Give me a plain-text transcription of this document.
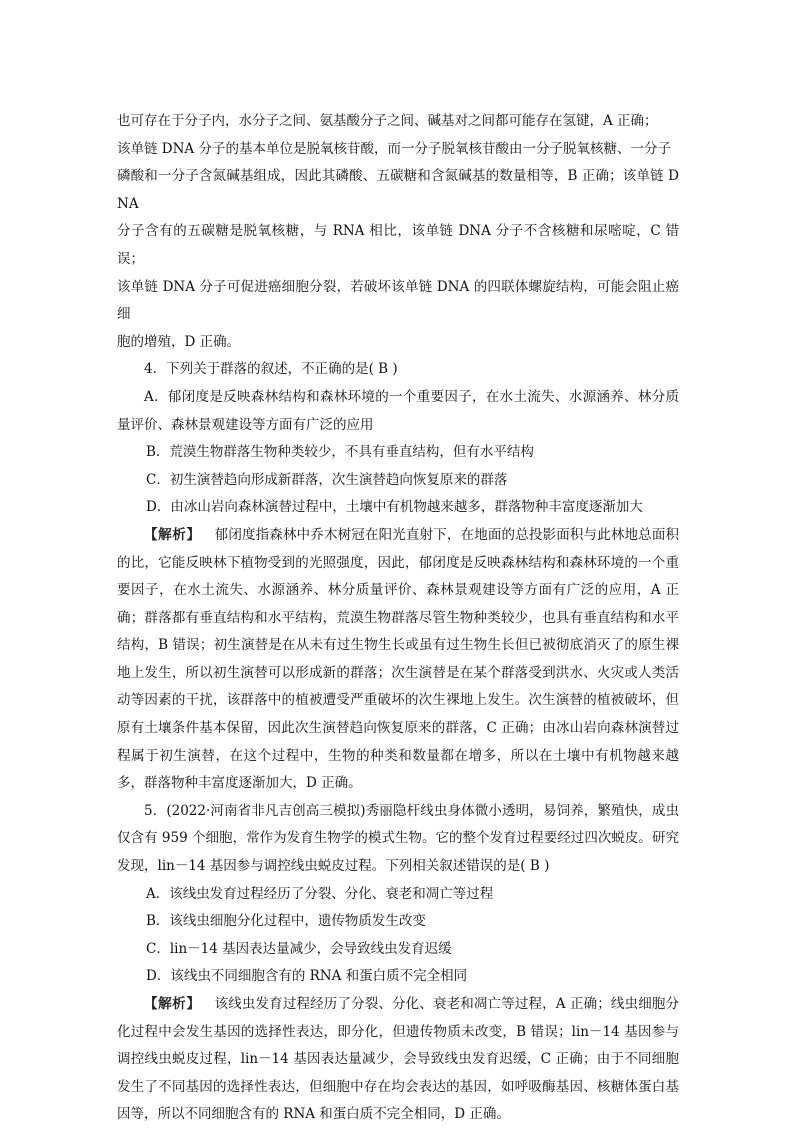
也可存在于分子内，水分子之间、氨基酸分子之间、碱基对之间都可能存在氢键，A 正确；

该单链 DNA 分子的基本单位是脱氧核苷酸，而一分子脱氧核苷酸由一分子脱氧核糖、一分子

磷酸和一分子含氮碱基组成，因此其磷酸、五碳糖和含氮碱基的数量相等，B 正确；该单链 DNA

分子含有的五碳糖是脱氧核糖，与 RNA 相比，该单链 DNA 分子不含核糖和尿嘧啶，C 错误；

该单链 DNA 分子可促进癌细胞分裂，若破坏该单链 DNA 的四联体螺旋结构，可能会阻止癌细

胞的增殖，D 正确。

4．下列关于群落的叙述，不正确的是( B )

A．郁闭度是反映森林结构和森林环境的一个重要因子，在水土流失、水源涵养、林分质量评价、森林景观建设等方面有广泛的应用

B．荒漠生物群落生物种类较少，不具有垂直结构，但有水平结构

C．初生演替趋向形成新群落，次生演替趋向恢复原来的群落

D．由冰山岩向森林演替过程中，土壤中有机物越来越多，群落物种丰富度逐渐加大

【解析】 郁闭度指森林中乔木树冠在阳光直射下，在地面的总投影面积与此林地总面积的比，它能反映林下植物受到的光照强度，因此，郁闭度是反映森林结构和森林环境的一个重要因子，在水土流失、水源涵养、林分质量评价、森林景观建设等方面有广泛的应用，A 正确；群落都有垂直结构和水平结构，荒漠生物群落尽管生物种类较少，也具有垂直结构和水平结构，B 错误；初生演替是在从未有过生物生长或虽有过生物生长但已被彻底消灭了的原生裸地上发生，所以初生演替可以形成新的群落；次生演替是在某个群落受到洪水、火灾或人类活动等因素的干扰，该群落中的植被遭受严重破坏的次生裸地上发生。次生演替的植被破坏，但原有土壤条件基本保留，因此次生演替趋向恢复原来的群落，C 正确；由冰山岩向森林演替过程属于初生演替，在这个过程中，生物的种类和数量都在增多，所以在土壤中有机物越来越多，群落物种丰富度逐渐加大，D 正确。

5．(2022·河南省非凡吉创高三模拟)秀丽隐杆线虫身体微小透明，易饲养，繁殖快，成虫仅含有 959 个细胞，常作为发育生物学的模式生物。它的整个发育过程要经过四次蜕皮。研究发现，lin－14 基因参与调控线虫蜕皮过程。下列相关叙述错误的是( B )

A．该线虫发育过程经历了分裂、分化、衰老和凋亡等过程

B．该线虫细胞分化过程中，遗传物质发生改变

C．lin－14 基因表达量减少，会导致线虫发育迟缓

D．该线虫不同细胞含有的 RNA 和蛋白质不完全相同

【解析】 该线虫发育过程经历了分裂、分化、衰老和凋亡等过程，A 正确；线虫细胞分化过程中会发生基因的选择性表达，即分化，但遗传物质未改变，B 错误；lin－14 基因参与调控线虫蜕皮过程，lin－14 基因表达量减少，会导致线虫发育迟缓，C 正确；由于不同细胞发生了不同基因的选择性表达，但细胞中存在均会表达的基因，如呼吸酶基因、核糖体蛋白基因等，所以不同细胞含有的 RNA 和蛋白质不完全相同，D 正确。
